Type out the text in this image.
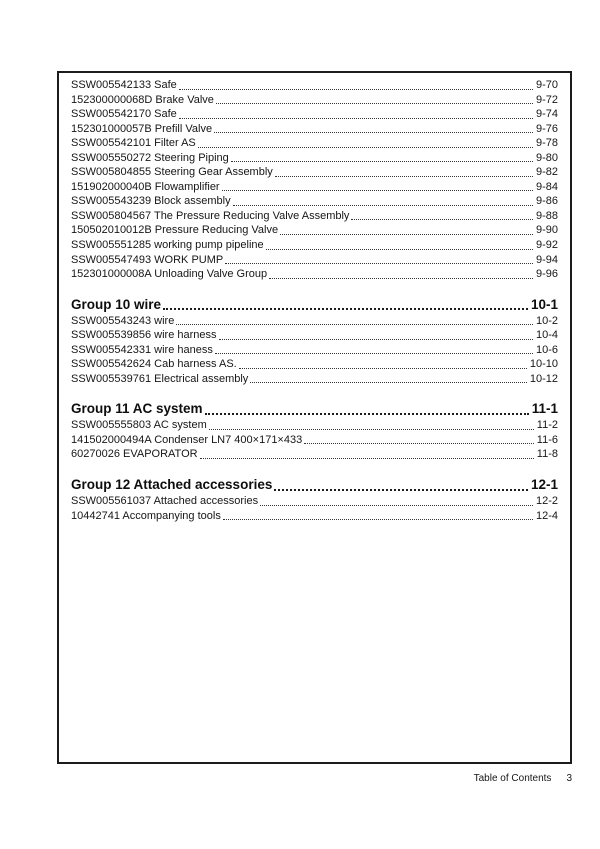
SSW005542133 Safe	9-70
152300000068D Brake Valve	9-72
SSW005542170 Safe	9-74
152301000057B Prefill Valve	9-76
SSW005542101 Filter AS	9-78
SSW005550272 Steering Piping	9-80
SSW005804855 Steering Gear Assembly	9-82
151902000040B Flowamplifier	9-84
SSW005543239 Block assembly	9-86
SSW005804567 The Pressure Reducing Valve Assembly	9-88
150502010012B Pressure Reducing Valve	9-90
SSW005551285 working pump pipeline	9-92
SSW005547493 WORK PUMP	9-94
152301000008A Unloading Valve Group	9-96
Group 10 wire	10-1
SSW005543243 wire	10-2
SSW005539856 wire harness	10-4
SSW005542331 wire haness	10-6
SSW005542624 Cab harness AS.	10-10
SSW005539761 Electrical assembly	10-12
Group 11 AC system	11-1
SSW005555803 AC system	11-2
141502000494A Condenser LN7 400×171×433	11-6
60270026 EVAPORATOR	11-8
Group 12 Attached accessories	12-1
SSW005561037 Attached accessories	12-2
10442741 Accompanying tools	12-4
Table of Contents 3
